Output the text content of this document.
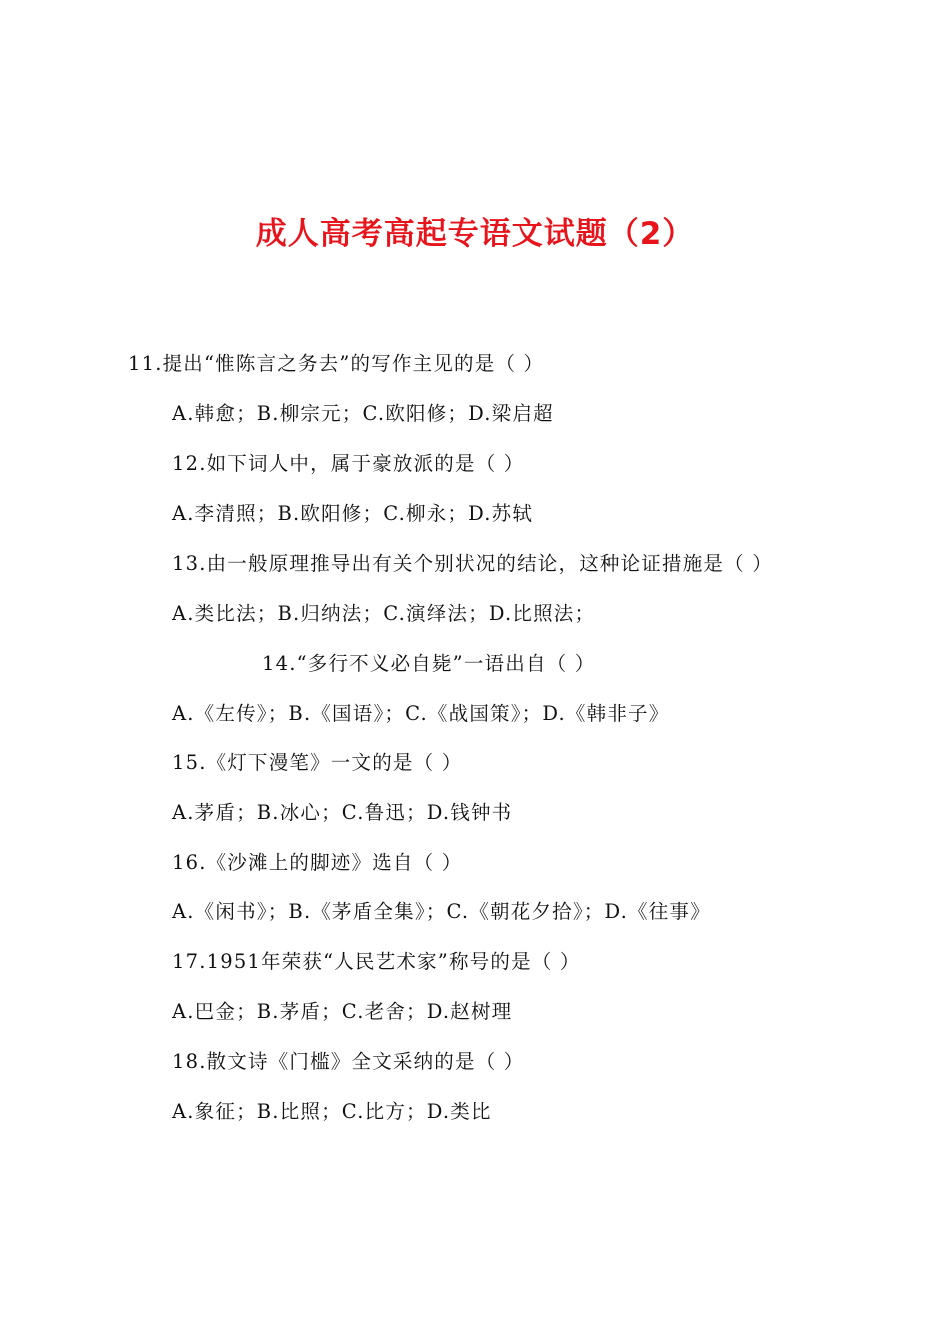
成人高考高起专语文试题（2）

11.提出“惟陈言之务去”的写作主见的是（ ）

A.韩愈；B.柳宗元；C.欧阳修；D.梁启超

12.如下词人中，属于豪放派的是（ ）

A.李清照；B.欧阳修；C.柳永；D.苏轼

13.由一般原理推导出有关个别状况的结论，这种论证措施是（ ）

A.类比法；B.归纳法；C.演绎法；D.比照法；

14.“多行不义必自毙”一语出自（ ）

A.《左传》；B.《国语》；C.《战国策》；D.《韩非子》

15.《灯下漫笔》一文的是（ ）

A.茅盾；B.冰心；C.鲁迅；D.钱钟书

16.《沙滩上的脚迹》选自（ ）

A.《闲书》；B.《茅盾全集》；C.《朝花夕拾》；D.《往事》

17.1951年荣获“人民艺术家”称号的是（ ）

A.巴金；B.茅盾；C.老舍；D.赵树理

18.散文诗《门槛》全文采纳的是（ ）

A.象征；B.比照；C.比方；D.类比
